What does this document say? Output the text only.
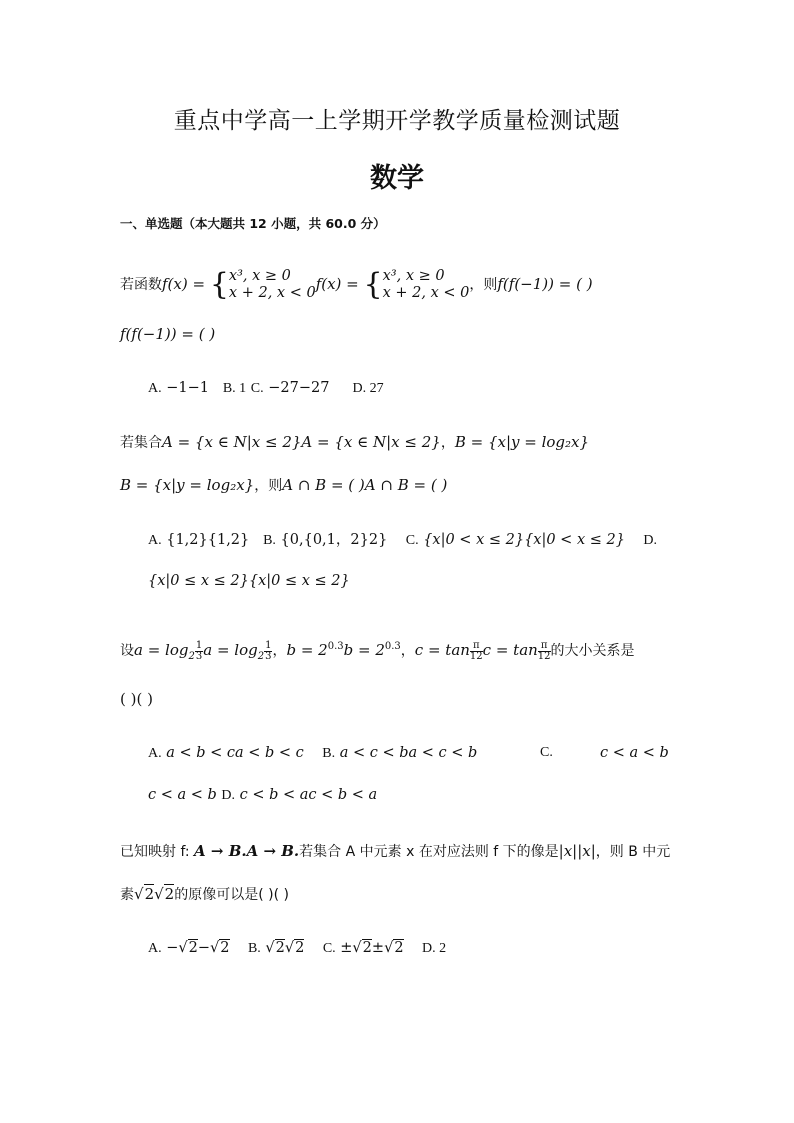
重点中学高一上学期开学教学质量检测试题
数学
一、单选题（本大题共 12 小题，共 60.0 分）
若函数f(x) = { x³, x ≥ 0
x + 2, x < 0 f(x) = { x³, x ≥ 0
x + 2, x < 0 ，则f(f(−1)) = ( )
f(f(−1)) = ( )
A. −1−1 B. 1 C. −27−27 D. 27
若集合A = {x ∈ N|x ≤ 2}A = {x ∈ N|x ≤ 2}，B = {x|y = log₂x}
B = {x|y = log₂x}，则A ∩ B = ( )A ∩ B = ( )
A. {1,2}{1,2} B. {0,{0,1，2}2} C. {x|0 < x ≤ 2}{x|0 < x ≤ 2} D.
{x|0 ≤ x ≤ 2}{x|0 ≤ x ≤ 2}
设$a = \log_2 \frac{1}{3}$ $a = \log_2 \frac{1}{3}$ ，$b = 2^{0.3}b = 2^{0.3}$，$c = \tan \frac{\pi}{12}$ $c = \tan \frac{\pi}{12}$ 的大小关系是
( )( )
A. a < b < ca < b < c B. a < c < ba < c < b	C.	c < a < b
c < a < b D. c < b < ac < b < a
已知映射 f: A → B.A → B.若集合 A 中元素 x 在对应法则 f 下的像是|x||x|，则 B 中元
素√2√2的原像可以是( )( )
A. −√2−√2 B. √2√2 C. ±√2±√2 D. 2
